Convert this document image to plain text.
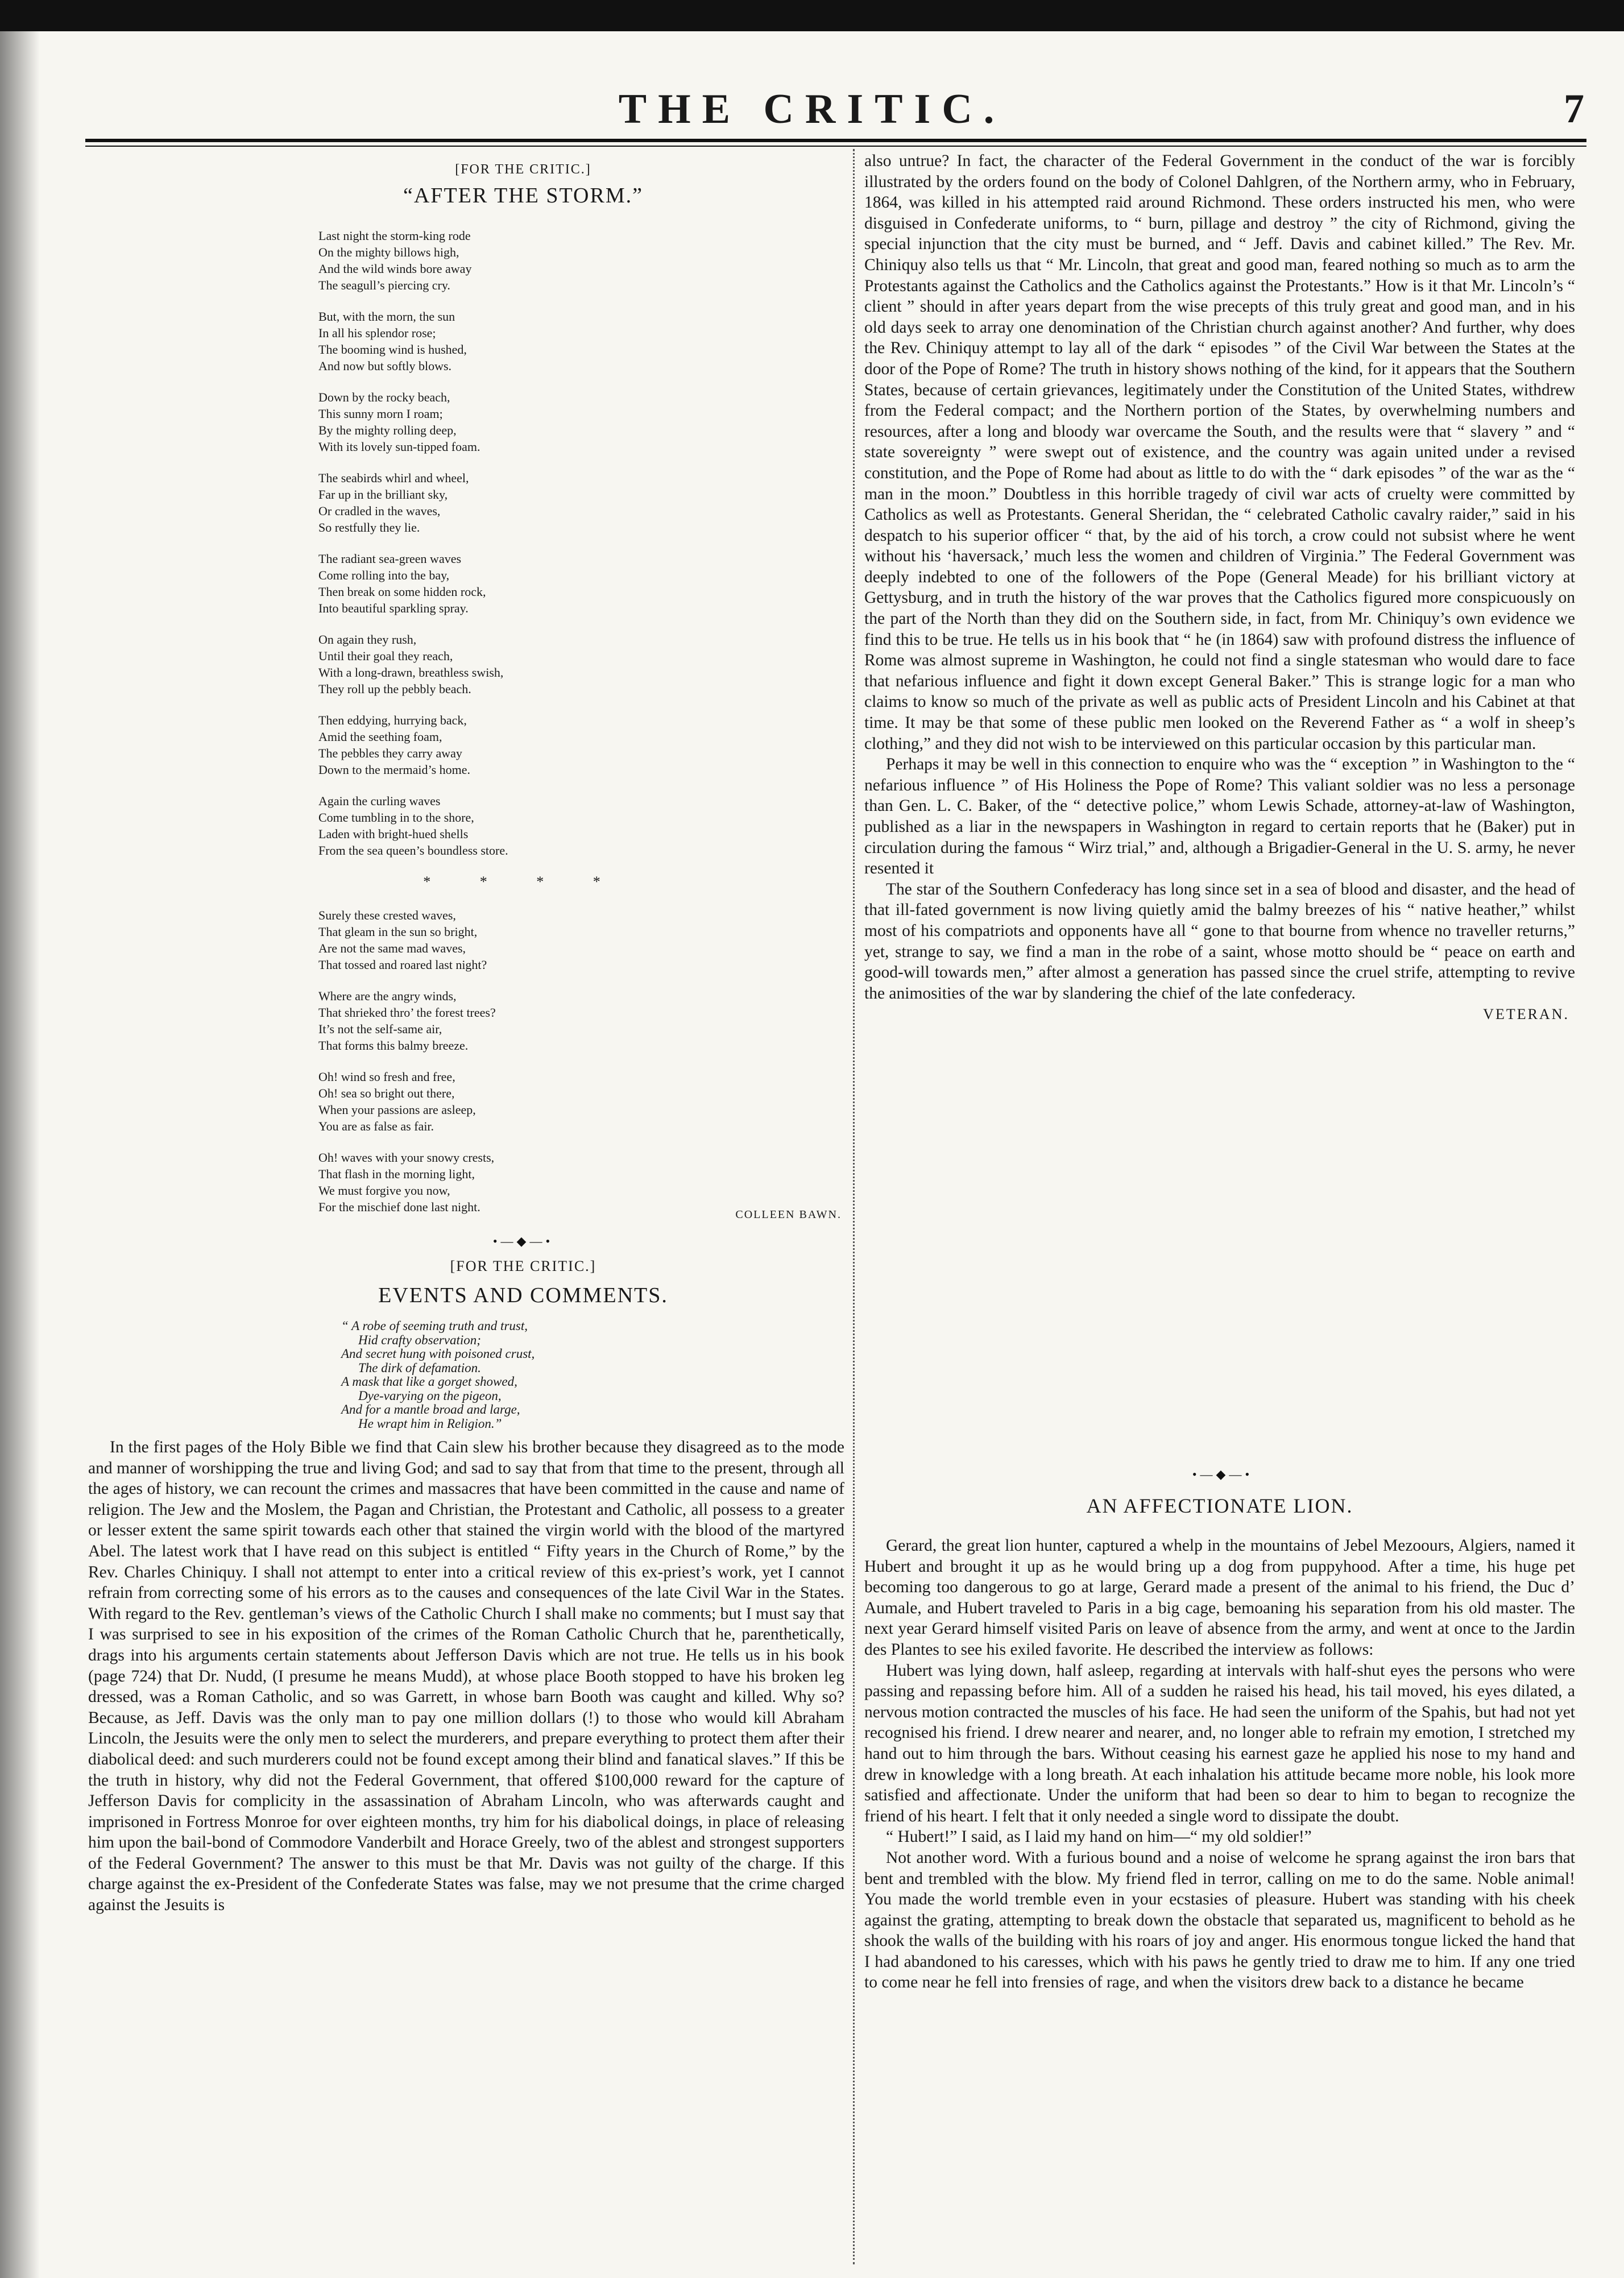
THE CRITIC.	7
[FOR THE CRITIC.]
“AFTER THE STORM.”
Last night the storm-king rode
On the mighty billows high,
And the wild winds bore away
The seagull’s piercing cry.
But, with the morn, the sun
In all his splendor rose;
The booming wind is hushed,
And now but softly blows.
Down by the rocky beach,
This sunny morn I roam;
By the mighty rolling deep,
With its lovely sun-tipped foam.
The seabirds whirl and wheel,
Far up in the brilliant sky,
Or cradled in the waves,
So restfully they lie.
The radiant sea-green waves
Come rolling into the bay,
Then break on some hidden rock,
Into beautiful sparkling spray.
On again they rush,
Until their goal they reach,
With a long-drawn, breathless swish,
They roll up the pebbly beach.
Then eddying, hurrying back,
Amid the seething foam,
The pebbles they carry away
Down to the mermaid’s home.
Again the curling waves
Come tumbling in to the shore,
Laden with bright-hued shells
From the sea queen’s boundless store.
* * * *
Surely these crested waves,
That gleam in the sun so bright,
Are not the same mad waves,
That tossed and roared last night?
Where are the angry winds,
That shrieked thro’ the forest trees?
It’s not the self-same air,
That forms this balmy breeze.
Oh! wind so fresh and free,
Oh! sea so bright out there,
When your passions are asleep,
You are as false as fair.
Oh! waves with your snowy crests,
That flash in the morning light,
We must forgive you now,
For the mischief done last night.
COLLEEN BAWN.
•—◆—•
[FOR THE CRITIC.]
EVENTS AND COMMENTS.
“ A robe of seeming truth and trust,
Hid crafty observation;
And secret hung with poisoned crust,
The dirk of defamation.
A mask that like a gorget showed,
Dye-varying on the pigeon,
And for a mantle broad and large,
He wrapt him in Religion.”

In the first pages of the Holy Bible we find that Cain slew his brother because they disagreed as to the mode and manner of worshipping the true and living God; and sad to say that from that time to the present, through all the ages of history, we can recount the crimes and massacres that have been committed in the cause and name of religion. The Jew and the Moslem, the Pagan and Christian, the Protestant and Catholic, all possess to a greater or lesser extent the same spirit towards each other that stained the virgin world with the blood of the martyred Abel. The latest work that I have read on this subject is entitled “ Fifty years in the Church of Rome,” by the Rev. Charles Chiniquy. I shall not attempt to enter into a critical review of this ex-priest’s work, yet I cannot refrain from correcting some of his errors as to the causes and consequences of the late Civil War in the States. With regard to the Rev. gentleman’s views of the Catholic Church I shall make no comments; but I must say that I was surprised to see in his exposition of the crimes of the Roman Catholic Church that he, parenthetically, drags into his arguments certain statements about Jefferson Davis which are not true. He tells us in his book (page 724) that Dr. Nudd, (I presume he means Mudd), at whose place Booth stopped to have his broken leg dressed, was a Roman Catholic, and so was Garrett, in whose barn Booth was caught and killed. Why so? Because, as Jeff. Davis was the only man to pay one million dollars (!) to those who would kill Abraham Lincoln, the Jesuits were the only men to select the murderers, and prepare everything to protect them after their diabolical deed: and such murderers could not be found except among their blind and fanatical slaves.” If this be the truth in history, why did not the Federal Government, that offered $100,000 reward for the capture of Jefferson Davis for complicity in the assassination of Abraham Lincoln, who was afterwards caught and imprisoned in Fortress Monroe for over eighteen months, try him for his diabolical doings, in place of releasing him upon the bail-bond of Commodore Vanderbilt and Horace Greely, two of the ablest and strongest supporters of the Federal Government? The answer to this must be that Mr. Davis was not guilty of the charge. If this charge against the ex-President of the Confederate States was false, may we not presume that the crime charged against the Jesuits is

also untrue? In fact, the character of the Federal Government in the conduct of the war is forcibly illustrated by the orders found on the body of Colonel Dahlgren, of the Northern army, who in February, 1864, was killed in his attempted raid around Richmond. These orders instructed his men, who were disguised in Confederate uniforms, to “ burn, pillage and destroy ” the city of Richmond, giving the special injunction that the city must be burned, and “ Jeff. Davis and cabinet killed.” The Rev. Mr. Chiniquy also tells us that “ Mr. Lincoln, that great and good man, feared nothing so much as to arm the Protestants against the Catholics and the Catholics against the Protestants.” How is it that Mr. Lincoln’s “ client ” should in after years depart from the wise precepts of this truly great and good man, and in his old days seek to array one denomination of the Christian church against another? And further, why does the Rev. Chiniquy attempt to lay all of the dark “ episodes ” of the Civil War between the States at the door of the Pope of Rome? The truth in history shows nothing of the kind, for it appears that the Southern States, because of certain grievances, legitimately under the Constitution of the United States, withdrew from the Federal compact; and the Northern portion of the States, by overwhelming numbers and resources, after a long and bloody war overcame the South, and the results were that “ slavery ” and “ state sovereignty ” were swept out of existence, and the country was again united under a revised constitution, and the Pope of Rome had about as little to do with the “ dark episodes ” of the war as the “ man in the moon.” Doubtless in this horrible tragedy of civil war acts of cruelty were committed by Catholics as well as Protestants. General Sheridan, the “ celebrated Catholic cavalry raider,” said in his despatch to his superior officer “ that, by the aid of his torch, a crow could not subsist where he went without his ‘haversack,’ much less the women and children of Virginia.” The Federal Government was deeply indebted to one of the followers of the Pope (General Meade) for his brilliant victory at Gettysburg, and in truth the history of the war proves that the Catholics figured more conspicuously on the part of the North than they did on the Southern side, in fact, from Mr. Chiniquy’s own evidence we find this to be true. He tells us in his book that “ he (in 1864) saw with profound distress the influence of Rome was almost supreme in Washington, he could not find a single statesman who would dare to face that nefarious influence and fight it down except General Baker.” This is strange logic for a man who claims to know so much of the private as well as public acts of President Lincoln and his Cabinet at that time. It may be that some of these public men looked on the Reverend Father as “ a wolf in sheep’s clothing,” and they did not wish to be interviewed on this particular occasion by this particular man.

Perhaps it may be well in this connection to enquire who was the “ exception ” in Washington to the “ nefarious influence ” of His Holiness the Pope of Rome? This valiant soldier was no less a personage than Gen. L. C. Baker, of the “ detective police,” whom Lewis Schade, attorney-at-law of Washington, published as a liar in the newspapers in Washington in regard to certain reports that he (Baker) put in circulation during the famous “ Wirz trial,” and, although a Brigadier-General in the U. S. army, he never resented it

The star of the Southern Confederacy has long since set in a sea of blood and disaster, and the head of that ill-fated government is now living quietly amid the balmy breezes of his “ native heather,” whilst most of his compatriots and opponents have all “ gone to that bourne from whence no traveller returns,” yet, strange to say, we find a man in the robe of a saint, whose motto should be “ peace on earth and good-will towards men,” after almost a generation has passed since the cruel strife, attempting to revive the animosities of the war by slandering the chief of the late confederacy.

VETERAN.
•—◆—•
AN AFFECTIONATE LION.

Gerard, the great lion hunter, captured a whelp in the mountains of Jebel Mezoours, Algiers, named it Hubert and brought it up as he would bring up a dog from puppyhood. After a time, his huge pet becoming too dangerous to go at large, Gerard made a present of the animal to his friend, the Duc d’ Aumale, and Hubert traveled to Paris in a big cage, bemoaning his separation from his old master. The next year Gerard himself visited Paris on leave of absence from the army, and went at once to the Jardin des Plantes to see his exiled favorite. He described the interview as follows:

Hubert was lying down, half asleep, regarding at intervals with half-shut eyes the persons who were passing and repassing before him. All of a sudden he raised his head, his tail moved, his eyes dilated, a nervous motion contracted the muscles of his face. He had seen the uniform of the Spahis, but had not yet recognised his friend. I drew nearer and nearer, and, no longer able to refrain my emotion, I stretched my hand out to him through the bars. Without ceasing his earnest gaze he applied his nose to my hand and drew in knowledge with a long breath. At each inhalation his attitude became more noble, his look more satisfied and affectionate. Under the uniform that had been so dear to him to began to recognize the friend of his heart. I felt that it only needed a single word to dissipate the doubt.

“ Hubert!” I said, as I laid my hand on him—“ my old soldier!”

Not another word. With a furious bound and a noise of welcome he sprang against the iron bars that bent and trembled with the blow. My friend fled in terror, calling on me to do the same. Noble animal! You made the world tremble even in your ecstasies of pleasure. Hubert was standing with his cheek against the grating, attempting to break down the obstacle that separated us, magnificent to behold as he shook the walls of the building with his roars of joy and anger. His enormous tongue licked the hand that I had abandoned to his caresses, which with his paws he gently tried to draw me to him. If any one tried to come near he fell into frensies of rage, and when the visitors drew back to a distance he became
